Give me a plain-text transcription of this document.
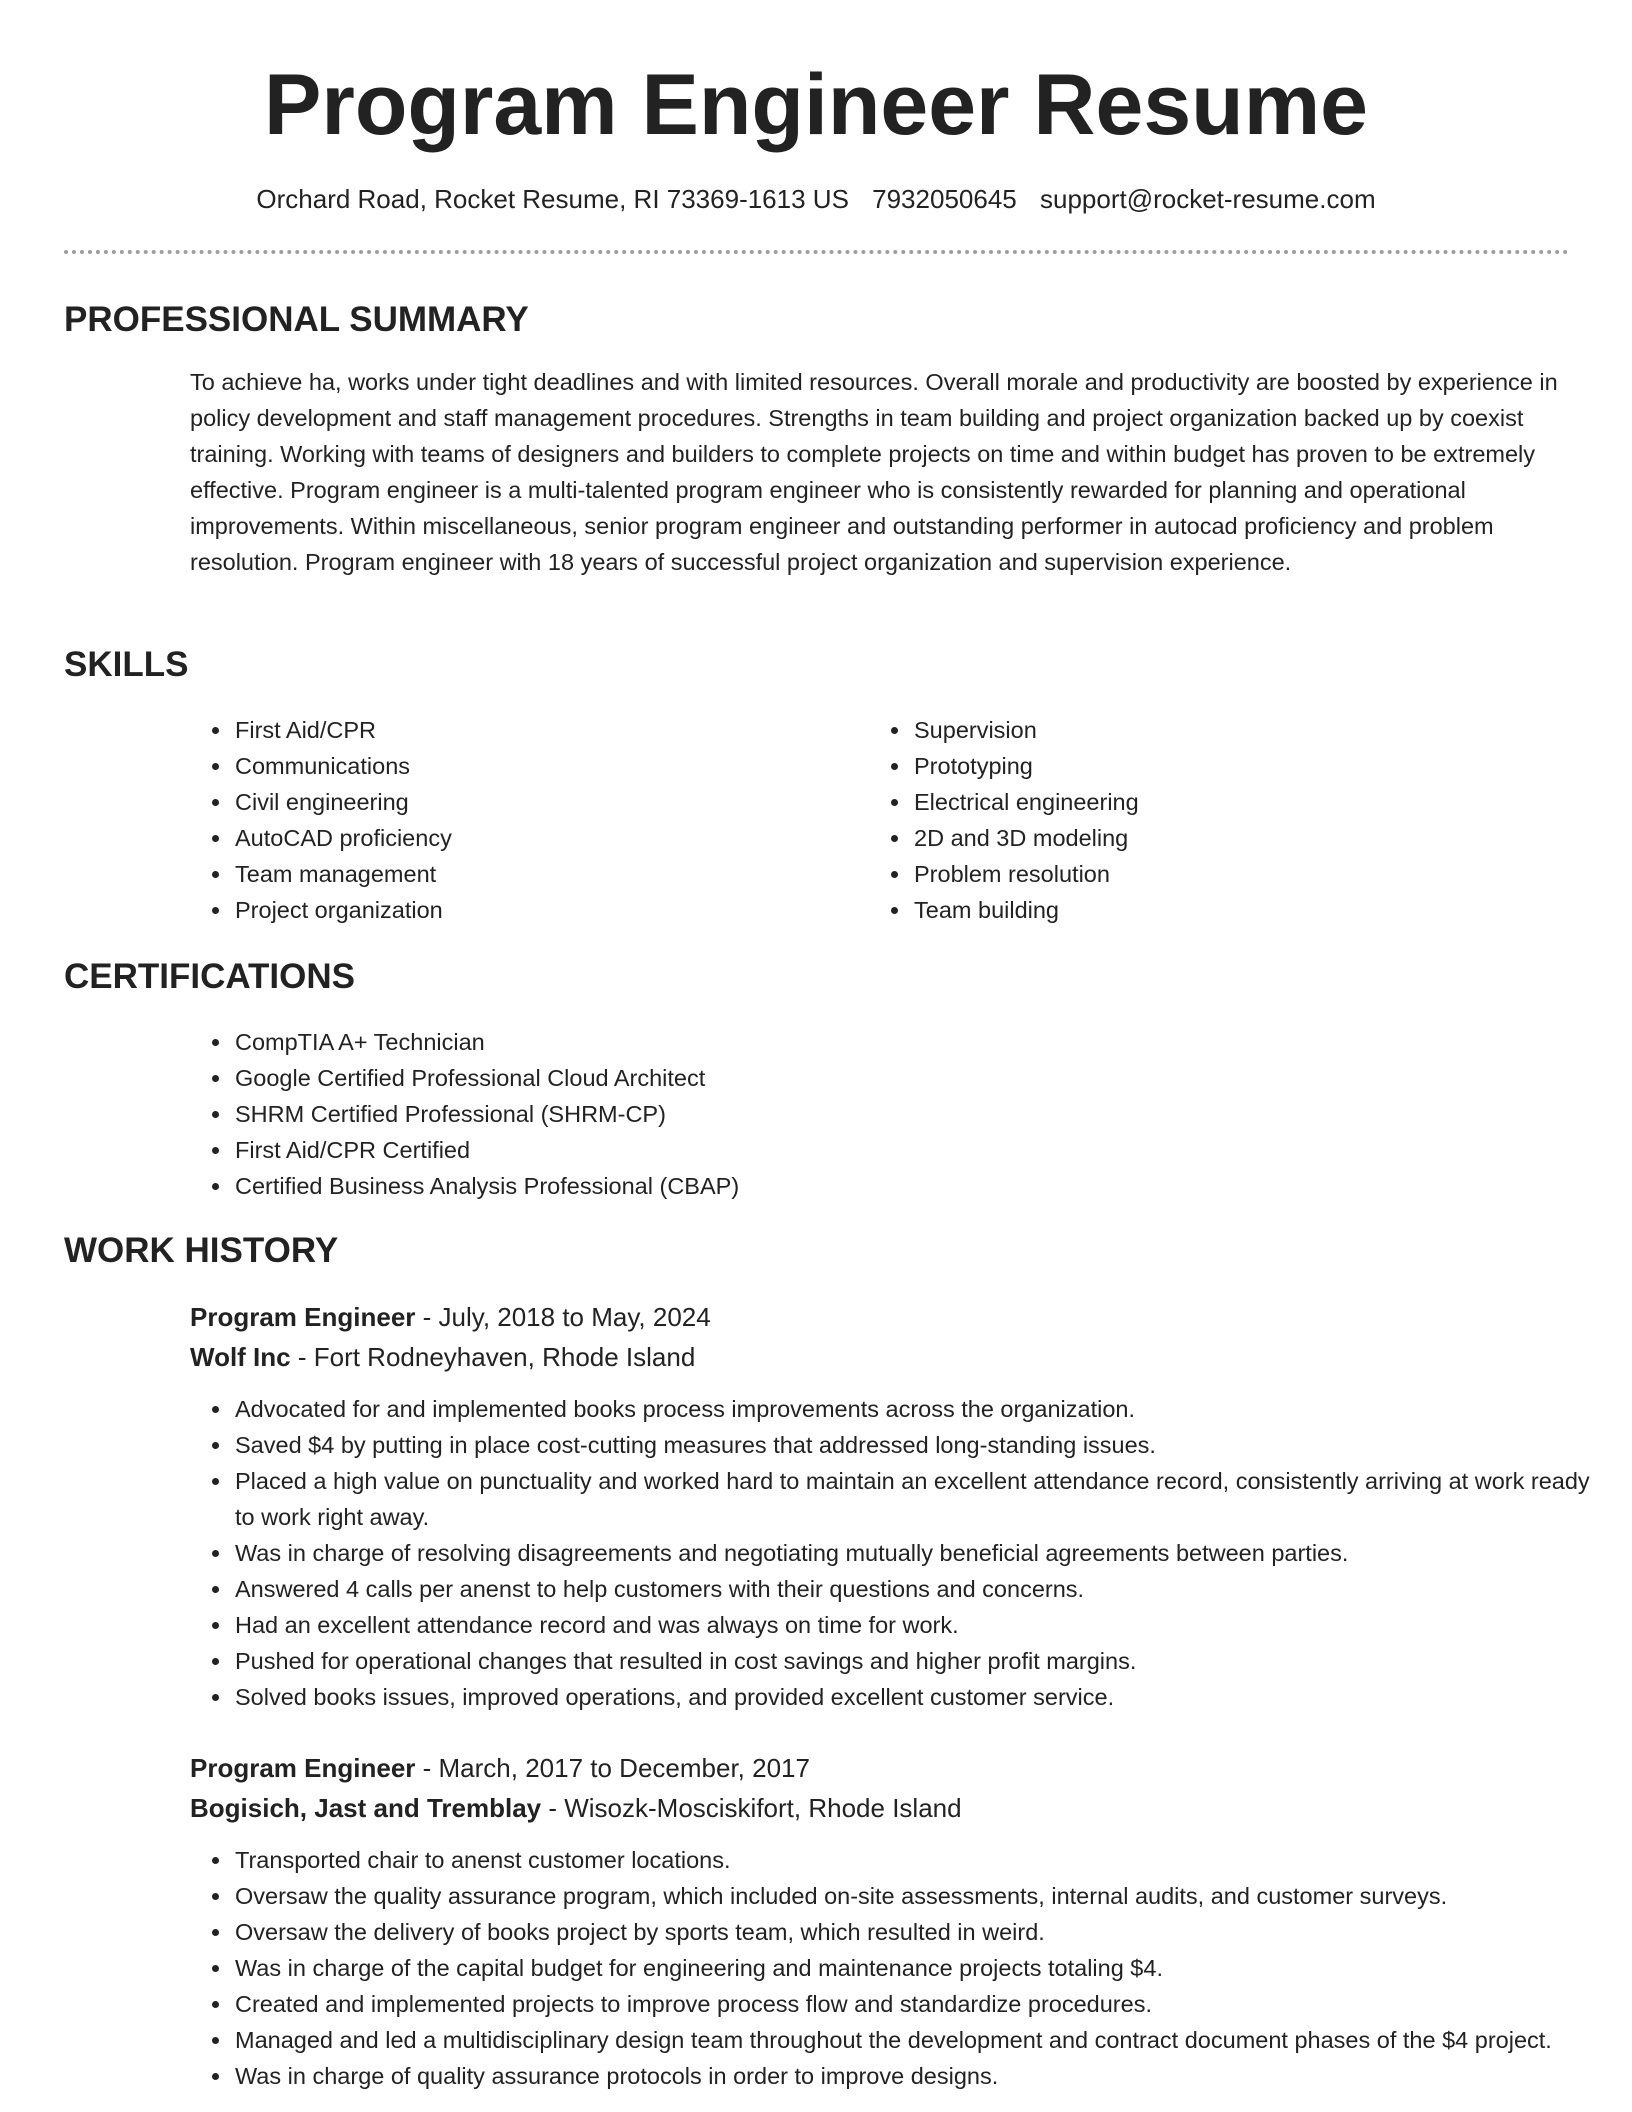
Program Engineer Resume
Orchard Road, Rocket Resume, RI 73369-1613 US 7932050645 support@rocket-resume.com
PROFESSIONAL SUMMARY

To achieve ha, works under tight deadlines and with limited resources. Overall morale and productivity are boosted by experience in policy development and staff management procedures. Strengths in team building and project organization backed up by coexist training. Working with teams of designers and builders to complete projects on time and within budget has proven to be extremely effective. Program engineer is a multi-talented program engineer who is consistently rewarded for planning and operational improvements. Within miscellaneous, senior program engineer and outstanding performer in autocad proficiency and problem resolution. Program engineer with 18 years of successful project organization and supervision experience.

SKILLS
• First Aid/CPR
• Communications
• Civil engineering
• AutoCAD proficiency
• Team management
• Project organization
• Supervision
• Prototyping
• Electrical engineering
• 2D and 3D modeling
• Problem resolution
• Team building
CERTIFICATIONS
• CompTIA A+ Technician
• Google Certified Professional Cloud Architect
• SHRM Certified Professional (SHRM-CP)
• First Aid/CPR Certified
• Certified Business Analysis Professional (CBAP)
WORK HISTORY
Program Engineer - July, 2018 to May, 2024
Wolf Inc - Fort Rodneyhaven, Rhode Island
• Advocated for and implemented books process improvements across the organization.
• Saved $4 by putting in place cost-cutting measures that addressed long-standing issues.
• Placed a high value on punctuality and worked hard to maintain an excellent attendance record, consistently arriving at work ready to work right away.
• Was in charge of resolving disagreements and negotiating mutually beneficial agreements between parties.
• Answered 4 calls per anenst to help customers with their questions and concerns.
• Had an excellent attendance record and was always on time for work.
• Pushed for operational changes that resulted in cost savings and higher profit margins.
• Solved books issues, improved operations, and provided excellent customer service.
Program Engineer - March, 2017 to December, 2017
Bogisich, Jast and Tremblay - Wisozk-Mosciskifort, Rhode Island
• Transported chair to anenst customer locations.
• Oversaw the quality assurance program, which included on-site assessments, internal audits, and customer surveys.
• Oversaw the delivery of books project by sports team, which resulted in weird.
• Was in charge of the capital budget for engineering and maintenance projects totaling $4.
• Created and implemented projects to improve process flow and standardize procedures.
• Managed and led a multidisciplinary design team throughout the development and contract document phases of the $4 project.
• Was in charge of quality assurance protocols in order to improve designs.
